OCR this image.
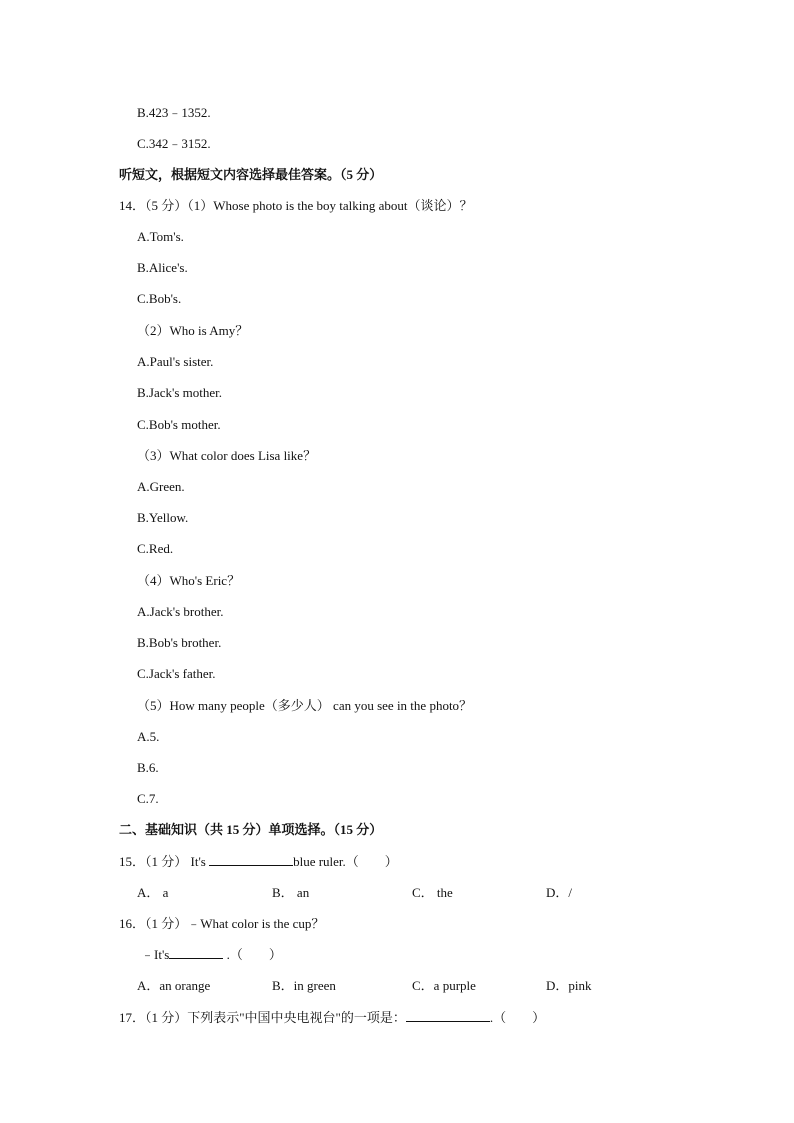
B.423﹣1352.
C.342﹣3152.
听短文，根据短文内容选择最佳答案。（5 分）
14．（5 分）（1）Whose photo is the boy talking about（谈论）？
A.Tom's.
B.Alice's.
C.Bob's.
（2）Who is Amy？
A.Paul's sister.
B.Jack's mother.
C.Bob's mother.
（3）What color does Lisa like？
A.Green.
B.Yellow.
C.Red.
（4）Who's Eric？
A.Jack's brother.
B.Bob's brother.
C.Jack's father.
（5）How many people（多少人） can you see in the photo？
A.5.
B.6.
C.7.
二、基础知识（共 15 分）单项选择。（15 分）
15．（1 分） It's	blue ruler.（　　）
A． a	B． an	C． the	D．/
16．（1 分）﹣What color is the cup？
﹣It's	.（　　）
A．an orange	B．in green	C．a purple	D．pink
17．（1 分）下列表示"中国中央电视台"的一项是：	.（　　）
